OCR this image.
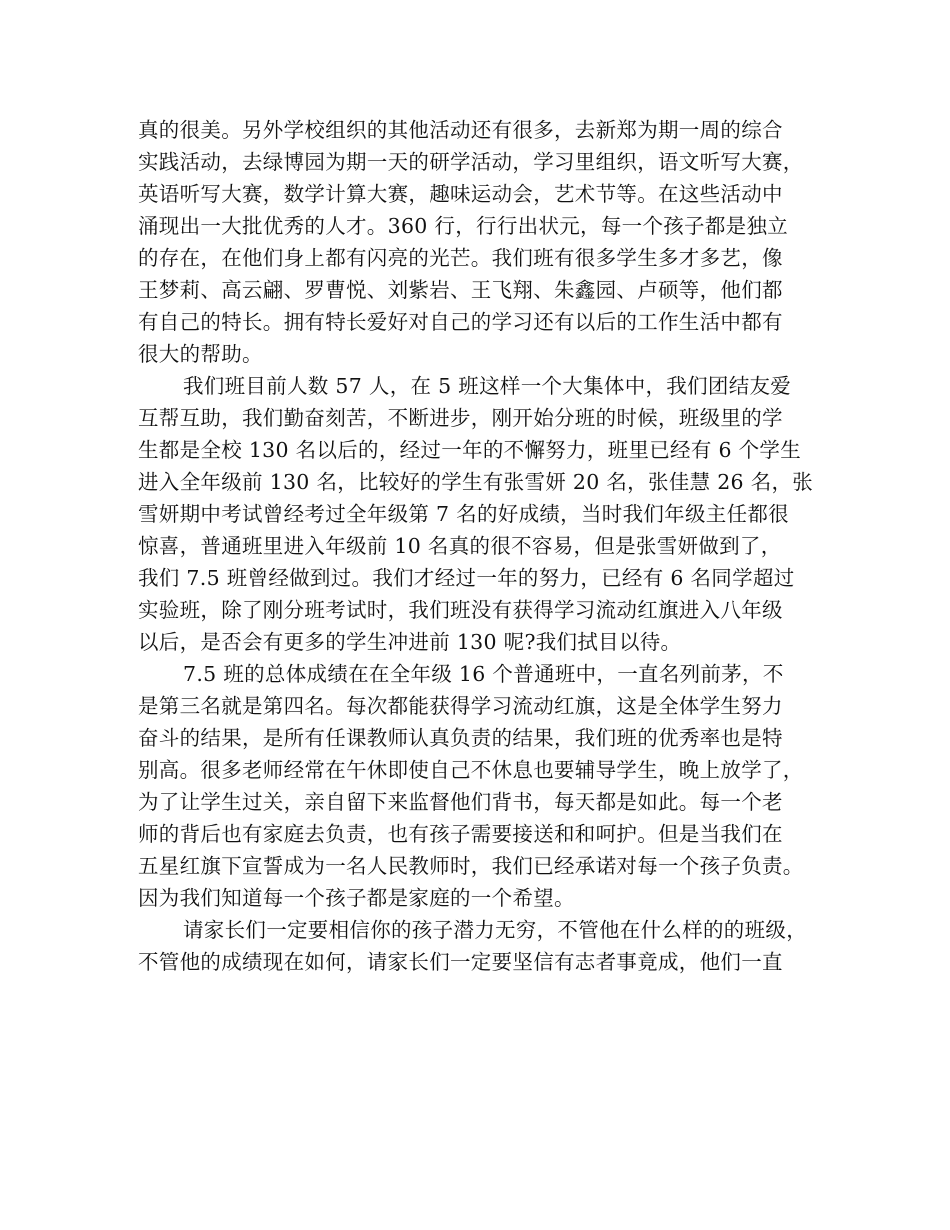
真的很美。另外学校组织的其他活动还有很多，去新郑为期一周的综合
实践活动，去绿博园为期一天的研学活动，学习里组织，语文听写大赛，
英语听写大赛，数学计算大赛，趣味运动会，艺术节等。在这些活动中
涌现出一大批优秀的人才。360 行，行行出状元，每一个孩子都是独立
的存在，在他们身上都有闪亮的光芒。我们班有很多学生多才多艺，像
王梦莉、高云翩、罗曹悦、刘紫岩、王飞翔、朱鑫园、卢硕等，他们都
有自己的特长。拥有特长爱好对自己的学习还有以后的工作生活中都有
很大的帮助。
我们班目前人数 57 人，在 5 班这样一个大集体中，我们团结友爱
互帮互助，我们勤奋刻苦，不断进步，刚开始分班的时候，班级里的学
生都是全校 130 名以后的，经过一年的不懈努力，班里已经有 6 个学生
进入全年级前 130 名，比较好的学生有张雪妍 20 名，张佳慧 26 名，张
雪妍期中考试曾经考过全年级第 7 名的好成绩，当时我们年级主任都很
惊喜，普通班里进入年级前 10 名真的很不容易，但是张雪妍做到了，
我们 7.5 班曾经做到过。我们才经过一年的努力，已经有 6 名同学超过
实验班，除了刚分班考试时，我们班没有获得学习流动红旗进入八年级
以后，是否会有更多的学生冲进前 130 呢?我们拭目以待。
7.5 班的总体成绩在在全年级 16 个普通班中，一直名列前茅，不
是第三名就是第四名。每次都能获得学习流动红旗，这是全体学生努力
奋斗的结果，是所有任课教师认真负责的结果，我们班的优秀率也是特
别高。很多老师经常在午休即使自己不休息也要辅导学生，晚上放学了，
为了让学生过关，亲自留下来监督他们背书，每天都是如此。每一个老
师的背后也有家庭去负责，也有孩子需要接送和和呵护。但是当我们在
五星红旗下宣誓成为一名人民教师时，我们已经承诺对每一个孩子负责。
因为我们知道每一个孩子都是家庭的一个希望。
请家长们一定要相信你的孩子潜力无穷，不管他在什么样的的班级，
不管他的成绩现在如何，请家长们一定要坚信有志者事竟成，他们一直
